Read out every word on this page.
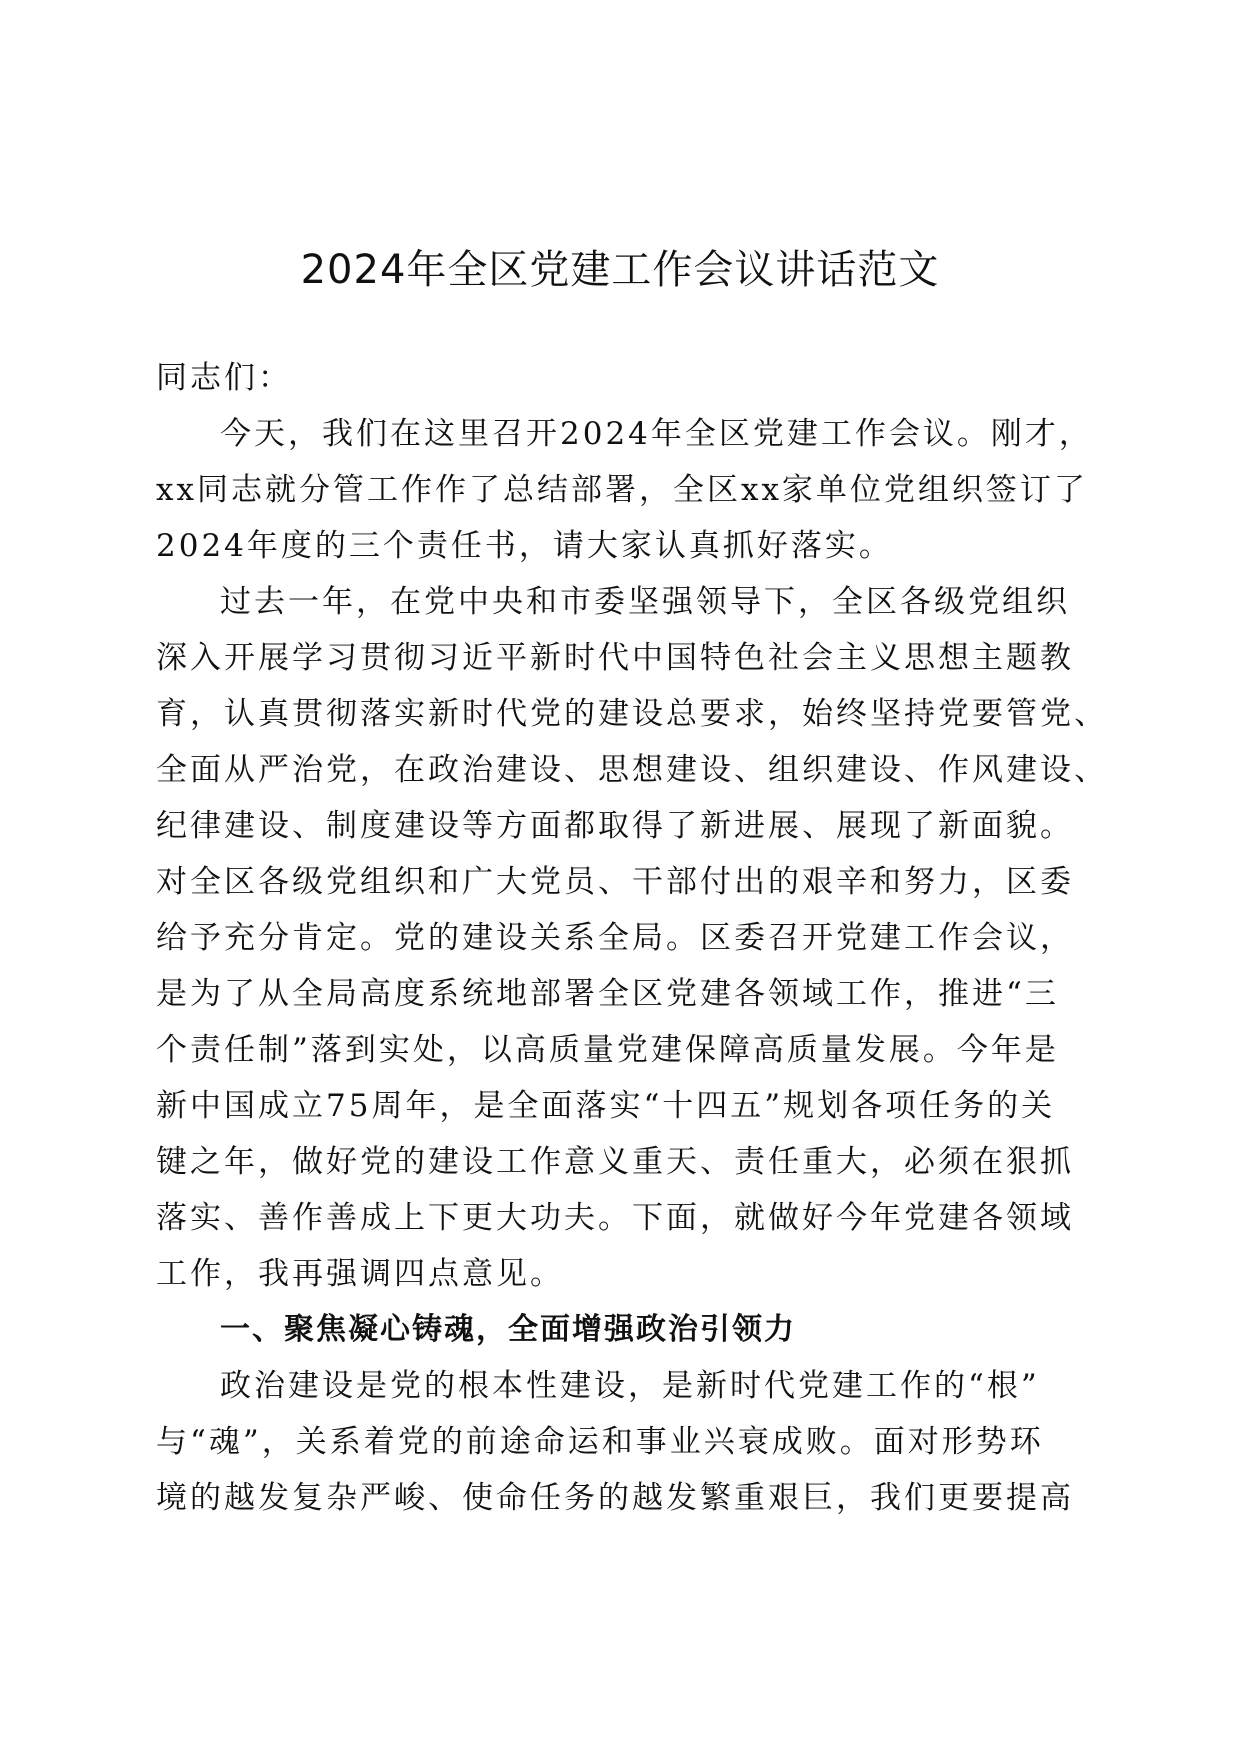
2024年全区党建工作会议讲话范文
同志们：
今天，我们在这里召开2024年全区党建工作会议。刚才，
xx同志就分管工作作了总结部署，全区xx家单位党组织签订了
2024年度的三个责任书，请大家认真抓好落实。
过去一年，在党中央和市委坚强领导下，全区各级党组织
深入开展学习贯彻习近平新时代中国特色社会主义思想主题教
育，认真贯彻落实新时代党的建设总要求，始终坚持党要管党、
全面从严治党，在政治建设、思想建设、组织建设、作风建设、
纪律建设、制度建设等方面都取得了新进展、展现了新面貌。
对全区各级党组织和广大党员、干部付出的艰辛和努力，区委
给予充分肯定。党的建设关系全局。区委召开党建工作会议，
是为了从全局高度系统地部署全区党建各领域工作，推进“三
个责任制”落到实处，以高质量党建保障高质量发展。今年是
新中国成立75周年，是全面落实“十四五”规划各项任务的关
键之年，做好党的建设工作意义重天、责任重大，必须在狠抓
落实、善作善成上下更大功夫。下面，就做好今年党建各领域
工作，我再强调四点意见。
一、聚焦凝心铸魂，全面增强政治引领力
政治建设是党的根本性建设，是新时代党建工作的“根”
与“魂”，关系着党的前途命运和事业兴衰成败。面对形势环
境的越发复杂严峻、使命任务的越发繁重艰巨，我们更要提高
